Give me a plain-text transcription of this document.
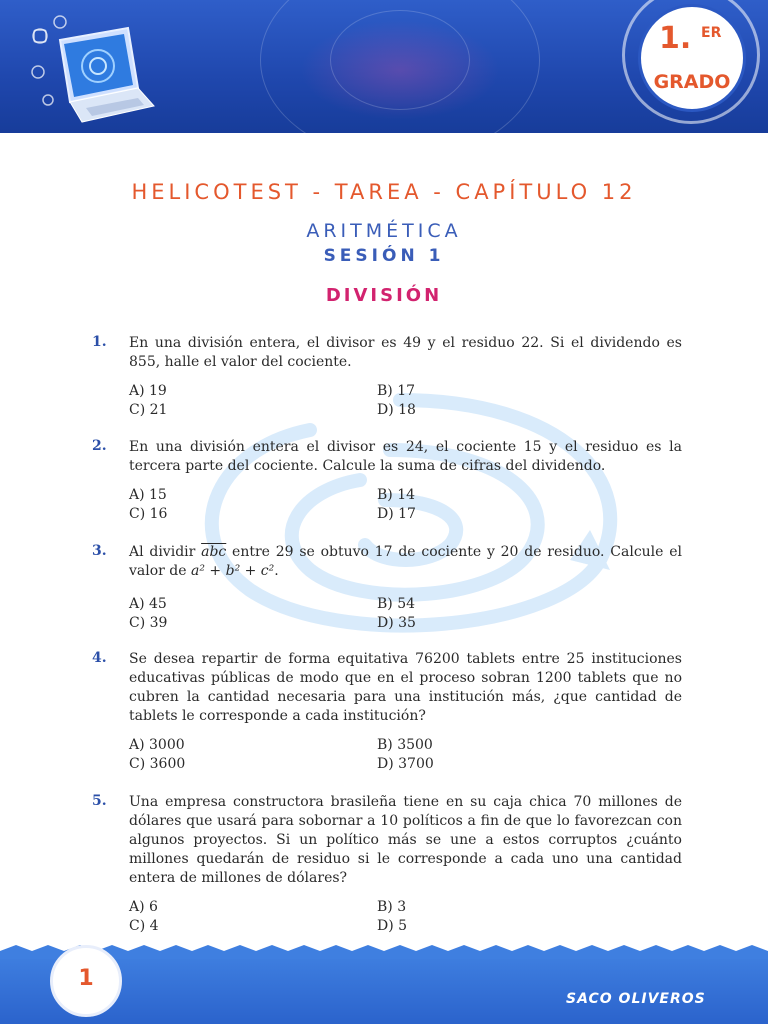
1. ER
GRADO
HELICOTEST - TAREA - CAPÍTULO 12
ARITMÉTICA
SESIÓN 1
DIVISIÓN
1. En una división entera, el divisor es 49 y el residuo 22. Si el dividendo es 855, halle el valor del cociente.

A) 19	B) 17
C) 21	D) 18
2. En una división entera el divisor es 24, el cociente 15 y el residuo es la tercera parte del cociente. Calcule la suma de cifras del dividendo.

A) 15	B) 14
C) 16	D) 17
3. Al dividir $\overline{abc}$ entre 29 se obtuvo 17 de cociente y 20 de residuo. Calcule el valor de a² + b² + c².

A) 45	B) 54
C) 39	D) 35
4. Se desea repartir de forma equitativa 76200 tablets entre 25 instituciones educativas públicas de modo que en el proceso sobran 1200 tablets que no cubren la cantidad necesaria para una institución más, ¿que cantidad de tablets le corresponde a cada institución?

A) 3000	B) 3500
C) 3600	D) 3700
5. Una empresa constructora brasileña tiene en su caja chica 70 millones de dólares que usará para sobornar a 10 políticos a fin de que lo favorezcan con algunos proyectos. Si un político más se une a estos corruptos ¿cuánto millones quedarán de residuo si le corresponde a cada uno una cantidad entera de millones de dólares?

A) 6	B) 3
C) 4	D) 5
1
SACO OLIVEROS
